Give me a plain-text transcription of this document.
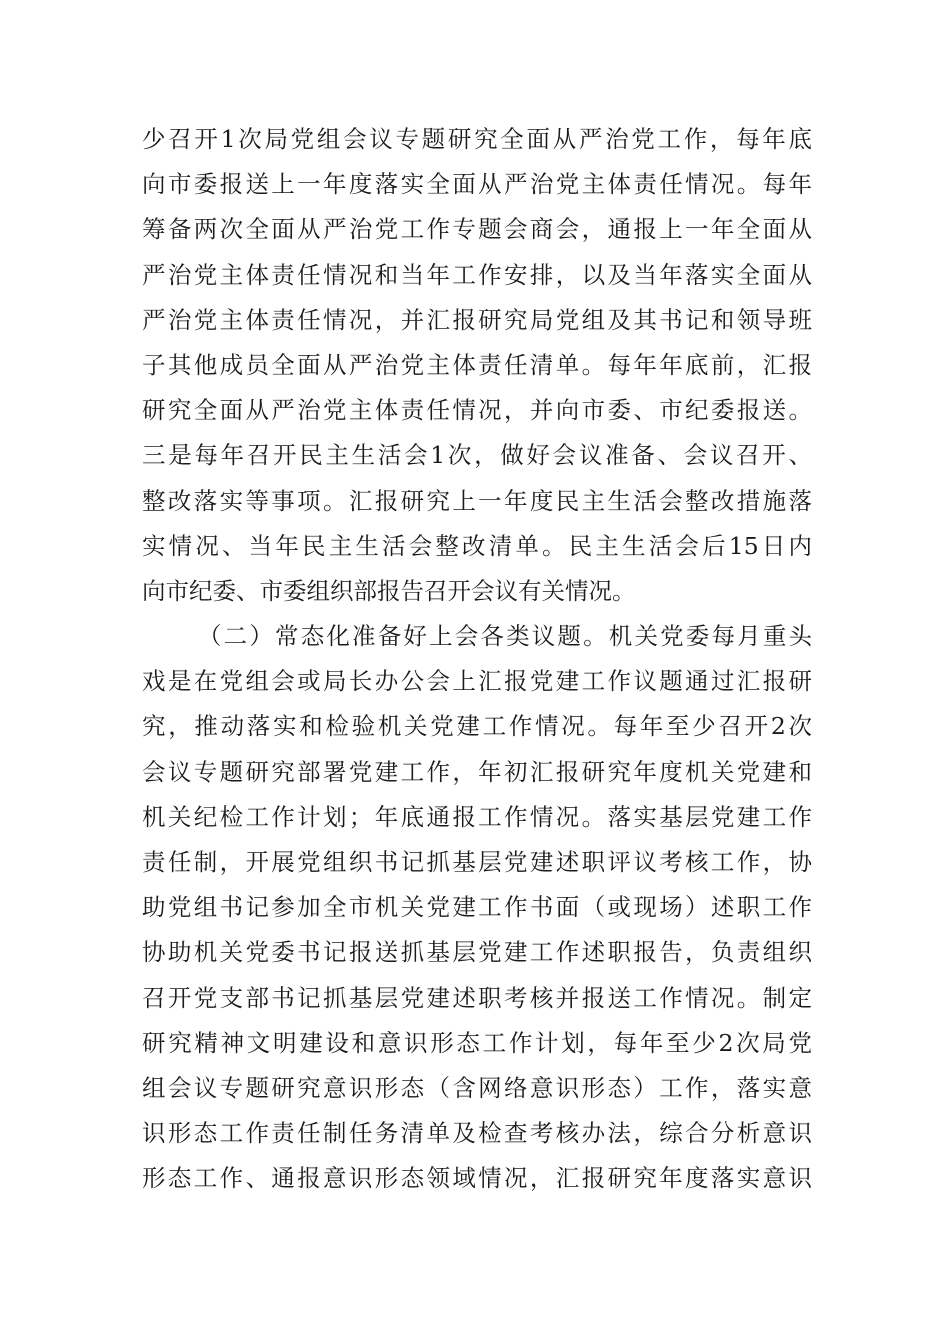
少召开1次局党组会议专题研究全面从严治党工作，每年底
向市委报送上一年度落实全面从严治党主体责任情况。每年
筹备两次全面从严治党工作专题会商会，通报上一年全面从
严治党主体责任情况和当年工作安排，以及当年落实全面从
严治党主体责任情况，并汇报研究局党组及其书记和领导班
子其他成员全面从严治党主体责任清单。每年年底前，汇报
研究全面从严治党主体责任情况，并向市委、市纪委报送。
三是每年召开民主生活会1次，做好会议准备、会议召开、
整改落实等事项。汇报研究上一年度民主生活会整改措施落
实情况、当年民主生活会整改清单。民主生活会后15日内
向市纪委、市委组织部报告召开会议有关情况。
（二）常态化准备好上会各类议题。机关党委每月重头
戏是在党组会或局长办公会上汇报党建工作议题通过汇报研
究，推动落实和检验机关党建工作情况。每年至少召开2次
会议专题研究部署党建工作，年初汇报研究年度机关党建和
机关纪检工作计划；年底通报工作情况。落实基层党建工作
责任制，开展党组织书记抓基层党建述职评议考核工作，协
助党组书记参加全市机关党建工作书面（或现场）述职工作
协助机关党委书记报送抓基层党建工作述职报告，负责组织
召开党支部书记抓基层党建述职考核并报送工作情况。制定
研究精神文明建设和意识形态工作计划，每年至少2次局党
组会议专题研究意识形态（含网络意识形态）工作，落实意
识形态工作责任制任务清单及检查考核办法，综合分析意识
形态工作、通报意识形态领域情况，汇报研究年度落实意识
